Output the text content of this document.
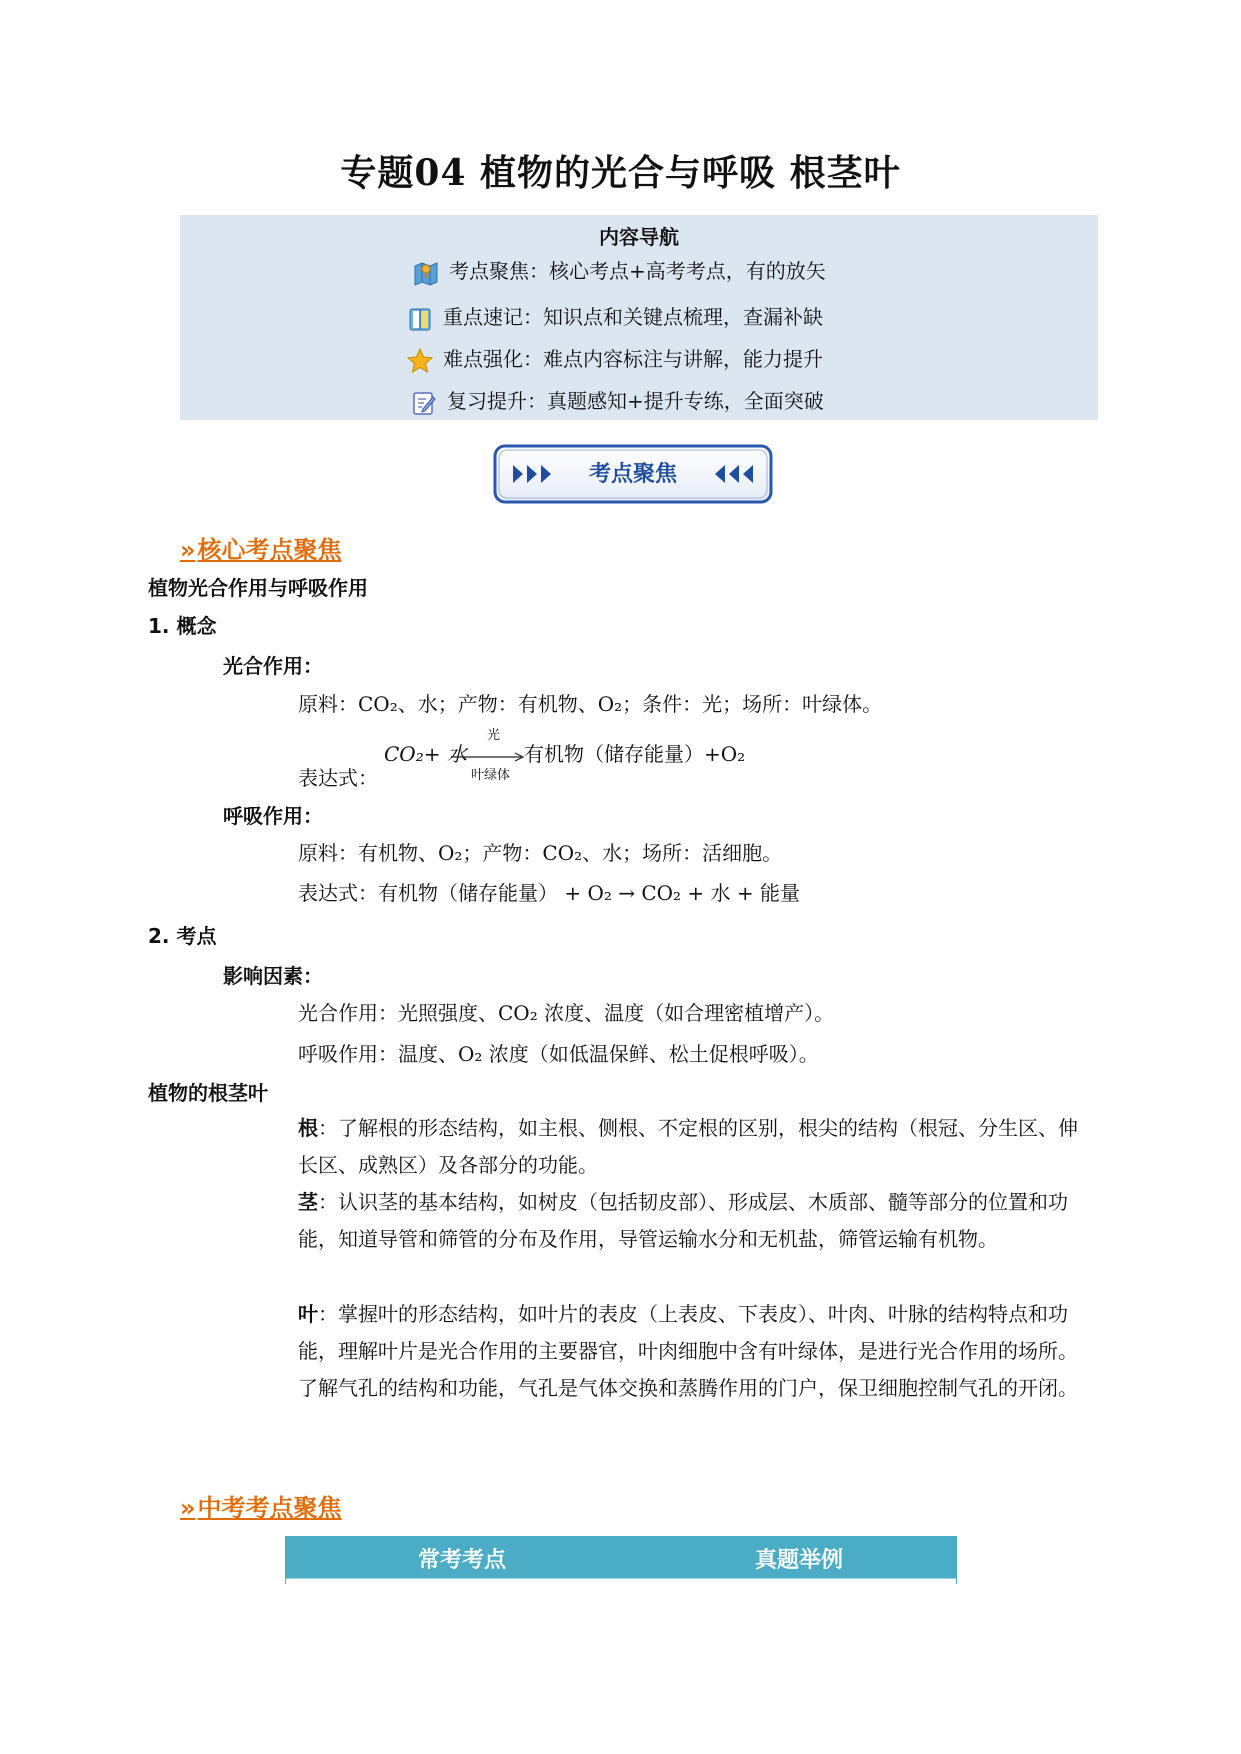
专题04 植物的光合与呼吸 根茎叶
内容导航
考点聚焦：核心考点+高考考点，有的放矢
重点速记：知识点和关键点梳理，查漏补缺
难点强化：难点内容标注与讲解，能力提升
复习提升：真题感知+提升专练，全面突破
考点聚焦
»核心考点聚焦
植物光合作用与呼吸作用
1. 概念
光合作用：
原料：CO₂、水；产物：有机物、O₂；条件：光；场所：叶绿体。
表达式：
CO₂+ 水
光
叶绿体
有机物（储存能量）+O₂
呼吸作用：
原料：有机物、O₂；产物：CO₂、水；场所：活细胞。
表达式：有机物（储存能量） + O₂ → CO₂ + 水 + 能量
2. 考点
影响因素：
光合作用：光照强度、CO₂ 浓度、温度（如合理密植增产）。
呼吸作用：温度、O₂ 浓度（如低温保鲜、松土促根呼吸）。
植物的根茎叶
根：了解根的形态结构，如主根、侧根、不定根的区别，根尖的结构（根冠、分生区、伸长区、成熟区）及各部分的功能。
茎：认识茎的基本结构，如树皮（包括韧皮部）、形成层、木质部、髓等部分的位置和功能，知道导管和筛管的分布及作用，导管运输水分和无机盐，筛管运输有机物。
叶：掌握叶的形态结构，如叶片的表皮（上表皮、下表皮）、叶肉、叶脉的结构特点和功能，理解叶片是光合作用的主要器官，叶肉细胞中含有叶绿体，是进行光合作用的场所。了解气孔的结构和功能，气孔是气体交换和蒸腾作用的门户，保卫细胞控制气孔的开闭。
»中考考点聚焦
常考考点	真题举例
